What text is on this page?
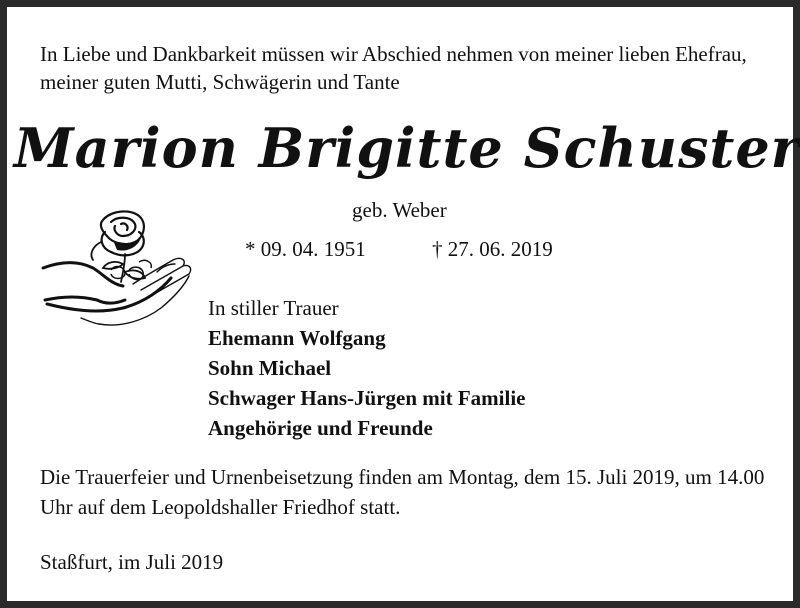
In Liebe und Dankbarkeit müssen wir Abschied nehmen von meiner lieben Ehefrau, meiner guten Mutti, Schwägerin und Tante

Marion Brigitte Schuster
geb. Weber
* 09. 04. 1951	† 27. 06. 2019
In stiller Trauer
Ehemann Wolfgang
Sohn Michael
Schwager Hans-Jürgen mit Familie
Angehörige und Freunde

Die Trauerfeier und Urnenbeisetzung finden am Montag, dem 15. Juli 2019, um 14.00 Uhr auf dem Leopoldshaller Friedhof statt.

Staßfurt, im Juli 2019
